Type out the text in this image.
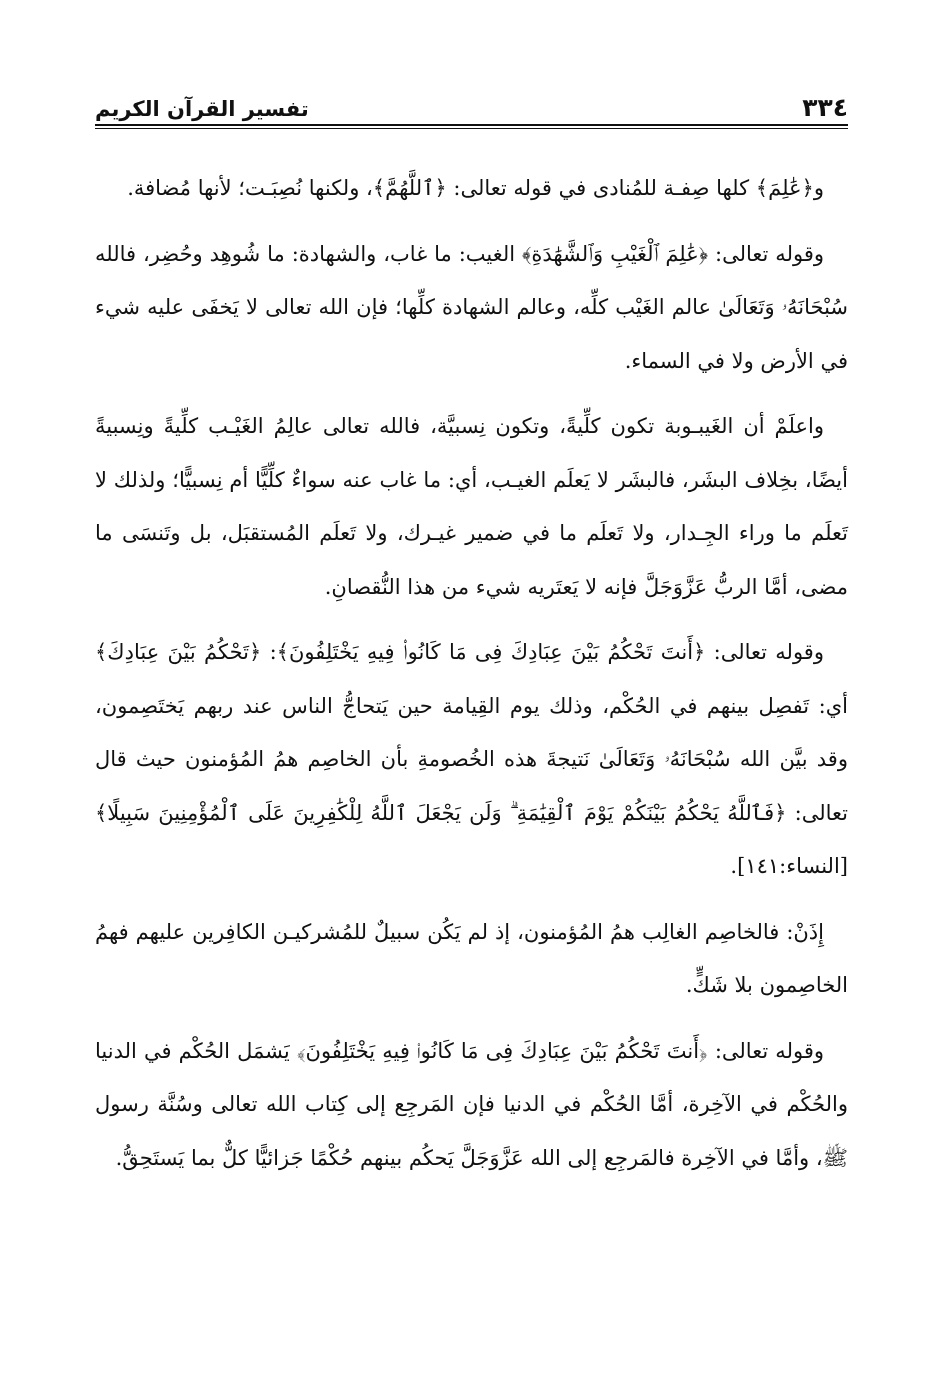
٣٣٤
تفسير القرآن الكريم

و﴿عَٰلِمَ﴾ كلها صِفـة للمُنادى في قوله تعالى: ﴿ٱللَّهُمَّ﴾، ولكنها نُصِبَـت؛ لأنها مُضافة.

وقوله تعالى: ﴿عَٰلِمَ ٱلْغَيْبِ وَٱلشَّهَٰدَةِ﴾ الغيب: ما غاب، والشهادة: ما شُوهِد وحُضِر، فالله سُبْحَانَهُۥ وَتَعَالَىٰ عالم الغَيْب كلِّه، وعالم الشهادة كلِّها؛ فإن الله تعالى لا يَخفَى عليه شيء في الأرض ولا في السماء.

واعلَمْ أن الغَيبـوبة تكون كلِّيةً، وتكون نِسبيَّة، فالله تعالى عالِمُ الغَيْـب كلِّيةً ونِسبيةً أيضًا، بخِلاف البشَر، فالبشَر لا يَعلَم الغيـب، أي: ما غاب عنه سواءٌ كلِّيًّا أم نِسبيًّا؛ ولذلك لا تَعلَم ما وراء الجِـدار، ولا تَعلَم ما في ضمير غيـرك، ولا تَعلَم المُستقبَل، بل وتَنسَى ما مضى، أمَّا الربُّ عَزَّوَجَلَّ فإنه لا يَعتَريه شيء من هذا النُّقصانِ.

وقوله تعالى: ﴿أَنتَ تَحْكُمُ بَيْنَ عِبَادِكَ فِى مَا كَانُوا۟ فِيهِ يَخْتَلِفُونَ﴾: ﴿تَحْكُمُ بَيْنَ عِبَادِكَ﴾ أي: تَفصِل بينهم في الحُكْم، وذلك يوم القِيامة حين يَتحاجُّ الناس عند ربهم يَختَصِمون، وقد بيَّن الله سُبْحَانَهُۥ وَتَعَالَىٰ نَتيجةَ هذه الخُصومةِ بأن الخاصِم همُ المُؤمنون حيث قال تعالى: ﴿فَٱللَّهُ يَحْكُمُ بَيْنَكُمْ يَوْمَ ٱلْقِيَٰمَةِ ۗ وَلَن يَجْعَلَ ٱللَّهُ لِلْكَٰفِرِينَ عَلَى ٱلْمُؤْمِنِينَ سَبِيلًا﴾ [النساء:١٤١].

إِذَنْ: فالخاصِم الغالِب همُ المُؤمنون، إذ لم يَكُن سبيلٌ للمُشركيـن الكافِرين عليهم فهمُ الخاصِمون بلا شَكٍّ.

وقوله تعالى: ﴿أَنتَ تَحْكُمُ بَيْنَ عِبَادِكَ فِى مَا كَانُوا۟ فِيهِ يَخْتَلِفُونَ﴾ يَشمَل الحُكْم في الدنيا والحُكْم في الآخِرة، أمَّا الحُكْم في الدنيا فإن المَرجِع إلى كِتاب الله تعالى وسُنَّة رسول ﷺ، وأمَّا في الآخِرة فالمَرجِع إلى الله عَزَّوَجَلَّ يَحكُم بينهم حُكْمًا جَزائيًّا كلٌّ بما يَستَحِقُّ.
